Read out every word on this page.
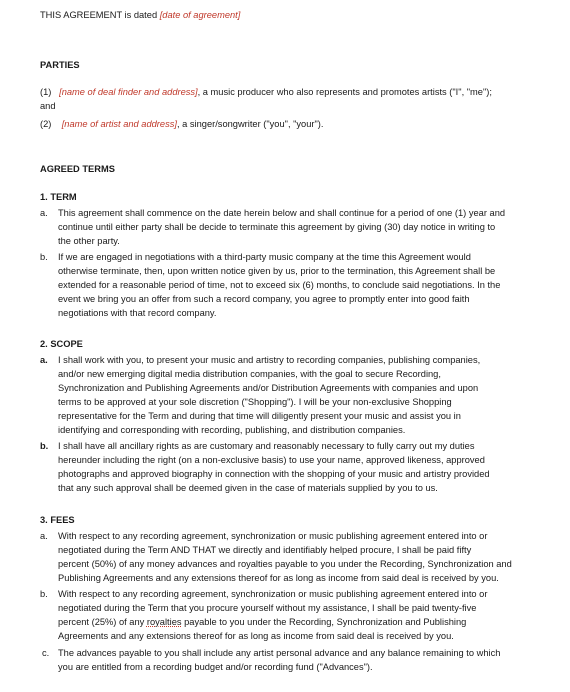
THIS AGREEMENT is dated [date of agreement]
PARTIES
(1) [name of deal finder and address], a music producer who also represents and promotes artists ("I", "me");
and
(2) [name of artist and address], a singer/songwriter ("you", "your").
AGREED TERMS
1. TERM
a. This agreement shall commence on the date herein below and shall continue for a period of one (1) year and
continue until either party shall be decide to terminate this agreement by giving (30) day notice in writing to
the other party.
b. If we are engaged in negotiations with a third-party music company at the time this Agreement would
otherwise terminate, then, upon written notice given by us, prior to the termination, this Agreement shall be
extended for a reasonable period of time, not to exceed six (6) months, to conclude said negotiations. In the
event we bring you an offer from such a record company, you agree to promptly enter into good faith
negotiations with that record company.
2. SCOPE
a. I shall work with you, to present your music and artistry to recording companies, publishing companies,
and/or new emerging digital media distribution companies, with the goal to secure Recording,
Synchronization and Publishing Agreements and/or Distribution Agreements with companies and upon
terms to be approved at your sole discretion ("Shopping"). I will be your non-exclusive Shopping
representative for the Term and during that time will diligently present your music and assist you in
identifying and corresponding with recording, publishing, and distribution companies.
b. I shall have all ancillary rights as are customary and reasonably necessary to fully carry out my duties
hereunder including the right (on a non-exclusive basis) to use your name, approved likeness, approved
photographs and approved biography in connection with the shopping of your music and artistry provided
that any such approval shall be deemed given in the case of materials supplied by you to us.
3. FEES
a. With respect to any recording agreement, synchronization or music publishing agreement entered into or
negotiated during the Term AND THAT we directly and identifiably helped procure, I shall be paid fifty
percent (50%) of any money advances and royalties payable to you under the Recording, Synchronization and
Publishing Agreements and any extensions thereof for as long as income from said deal is received by you.
b. With respect to any recording agreement, synchronization or music publishing agreement entered into or
negotiated during the Term that you procure yourself without my assistance, I shall be paid twenty-five
percent (25%) of any royalties payable to you under the Recording, Synchronization and Publishing
Agreements and any extensions thereof for as long as income from said deal is received by you.
c. The advances payable to you shall include any artist personal advance and any balance remaining to which
you are entitled from a recording budget and/or recording fund ("Advances").
